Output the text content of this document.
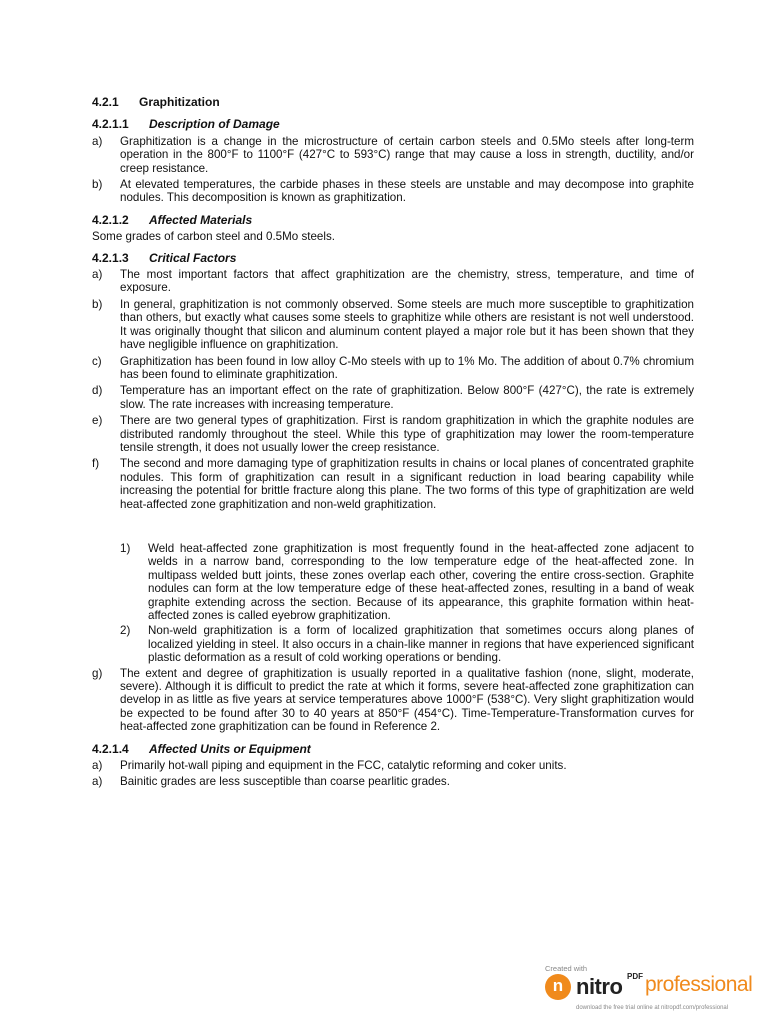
4.2.1	Graphitization
4.2.1.1	Description of Damage
a)	Graphitization is a change in the microstructure of certain carbon steels and 0.5Mo steels after long-term operation in the 800°F to 1100°F (427°C to 593°C) range that may cause a loss in strength, ductility, and/or creep resistance.
b)	At elevated temperatures, the carbide phases in these steels are unstable and may decompose into graphite nodules. This decomposition is known as graphitization.
4.2.1.2	Affected Materials
Some grades of carbon steel and 0.5Mo steels.
4.2.1.3	Critical Factors
a)	The most important factors that affect graphitization are the chemistry, stress, temperature, and time of exposure.
b)	In general, graphitization is not commonly observed. Some steels are much more susceptible to graphitization than others, but exactly what causes some steels to graphitize while others are resistant is not well understood. It was originally thought that silicon and aluminum content played a major role but it has been shown that they have negligible influence on graphitization.
c)	Graphitization has been found in low alloy C-Mo steels with up to 1% Mo. The addition of about 0.7% chromium has been found to eliminate graphitization.
d)	Temperature has an important effect on the rate of graphitization. Below 800°F (427°C), the rate is extremely slow. The rate increases with increasing temperature.
e)	There are two general types of graphitization. First is random graphitization in which the graphite nodules are distributed randomly throughout the steel. While this type of graphitization may lower the room-temperature tensile strength, it does not usually lower the creep resistance.
f)	The second and more damaging type of graphitization results in chains or local planes of concentrated graphite nodules. This form of graphitization can result in a significant reduction in load bearing capability while increasing the potential for brittle fracture along this plane. The two forms of this type of graphitization are weld heat-affected zone graphitization and non-weld graphitization.
1)	Weld heat-affected zone graphitization is most frequently found in the heat-affected zone adjacent to welds in a narrow band, corresponding to the low temperature edge of the heat-affected zone. In multipass welded butt joints, these zones overlap each other, covering the entire cross-section. Graphite nodules can form at the low temperature edge of these heat-affected zones, resulting in a band of weak graphite extending across the section. Because of its appearance, this graphite formation within heat-affected zones is called eyebrow graphitization.
2)	Non-weld graphitization is a form of localized graphitization that sometimes occurs along planes of localized yielding in steel. It also occurs in a chain-like manner in regions that have experienced significant plastic deformation as a result of cold working operations or bending.
g)	The extent and degree of graphitization is usually reported in a qualitative fashion (none, slight, moderate, severe). Although it is difficult to predict the rate at which it forms, severe heat-affected zone graphitization can develop in as little as five years at service temperatures above 1000°F (538°C). Very slight graphitization would be expected to be found after 30 to 40 years at 850°F (454°C). Time-Temperature-Transformation curves for heat-affected zone graphitization can be found in Reference 2.
4.2.1.4	Affected Units or Equipment
a)	Primarily hot-wall piping and equipment in the FCC, catalytic reforming and coker units.
a)	Bainitic grades are less susceptible than coarse pearlitic grades.
Created with
n nitro PDF professional
download the free trial online at nitropdf.com/professional
